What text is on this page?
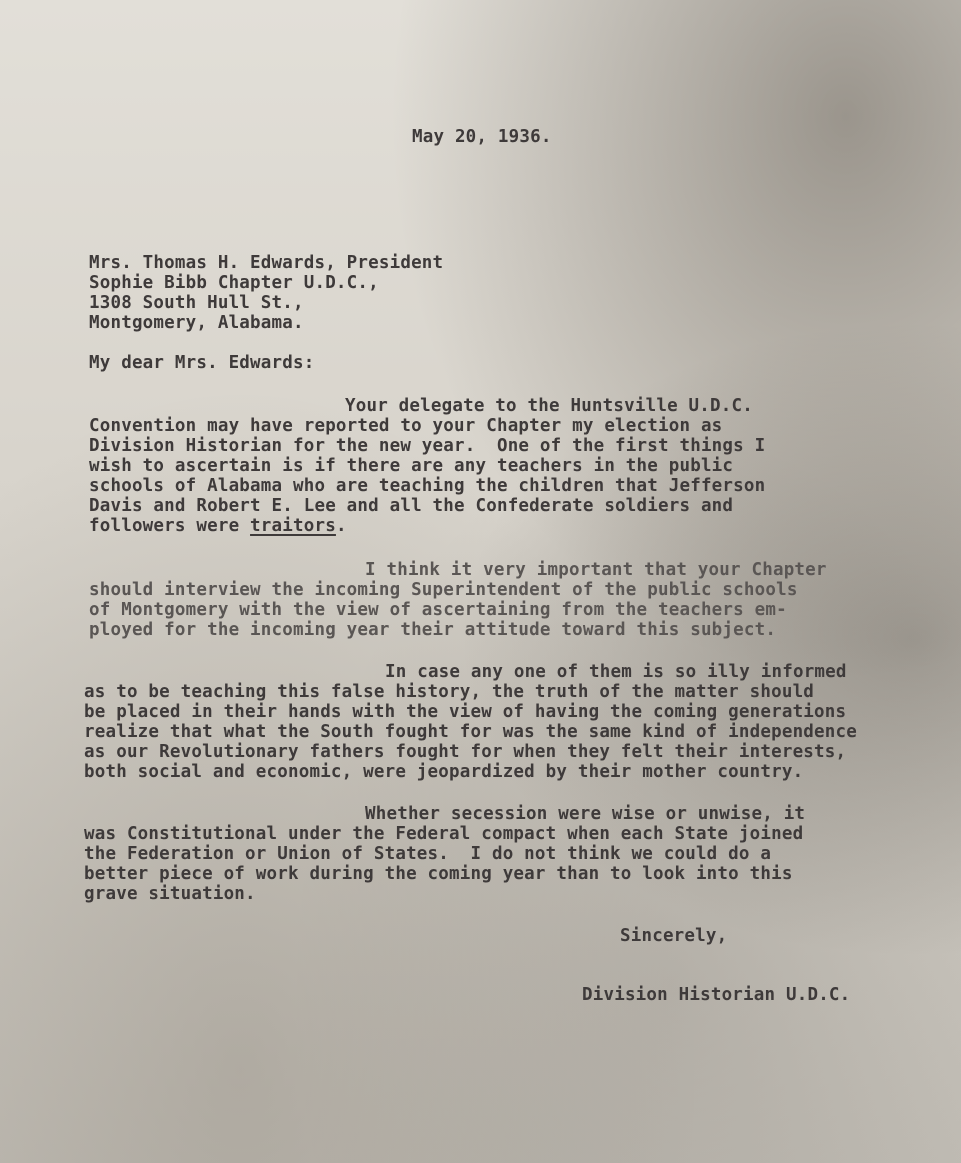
May 20, 1936.

Mrs. Thomas H. Edwards, President

Sophie Bibb Chapter U.D.C.,

1308 South Hull St.,

Montgomery, Alabama.

My dear Mrs. Edwards:

Your delegate to the Huntsville U.D.C.

Convention may have reported to your Chapter my election as

Division Historian for the new year.  One of the first things I

wish to ascertain is if there are any teachers in the public

schools of Alabama who are teaching the children that Jefferson

Davis and Robert E. Lee and all the Confederate soldiers and

followers were traitors.

I think it very important that your Chapter

should interview the incoming Superintendent of the public schools

of Montgomery with the view of ascertaining from the teachers em-

ployed for the incoming year their attitude toward this subject.

In case any one of them is so illy informed

as to be teaching this false history, the truth of the matter should

be placed in their hands with the view of having the coming generations

realize that what the South fought for was the same kind of independence

as our Revolutionary fathers fought for when they felt their interests,

both social and economic, were jeopardized by their mother country.

Whether secession were wise or unwise, it

was Constitutional under the Federal compact when each State joined

the Federation or Union of States.  I do not think we could do a

better piece of work during the coming year than to look into this

grave situation.

Sincerely,

Division Historian U.D.C.
